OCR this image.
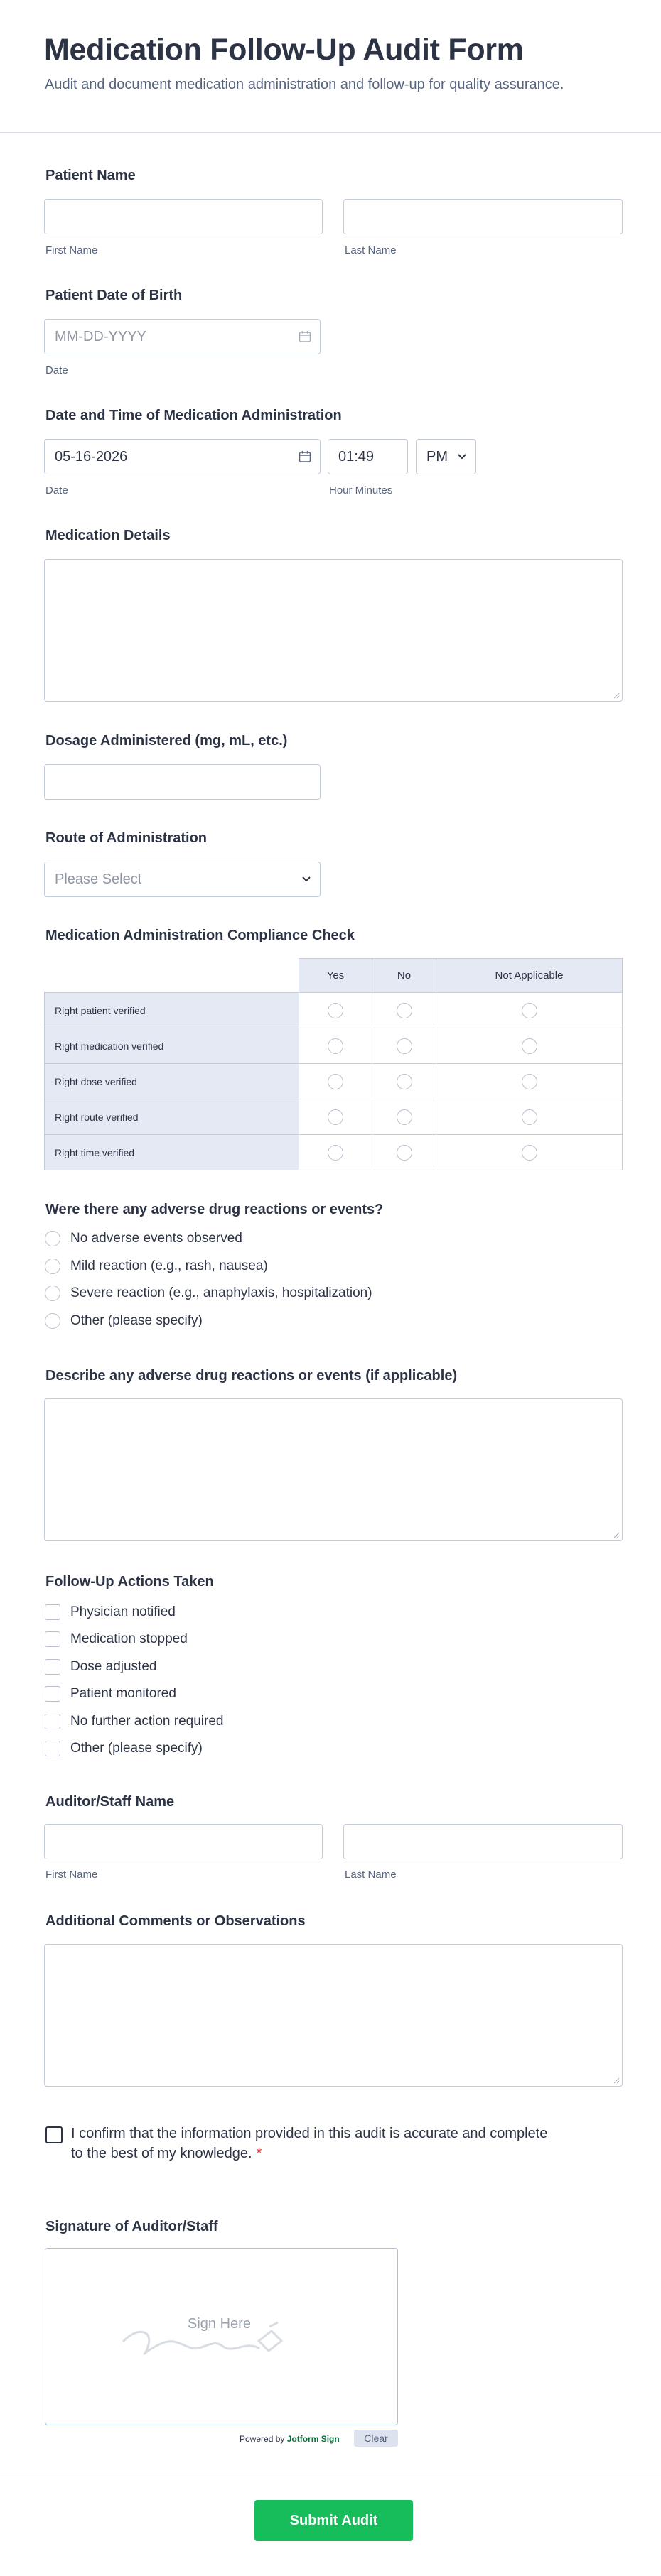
Medication Follow-Up Audit Form
Audit and document medication administration and follow-up for quality assurance.
Patient Name
First Name	Last Name
Patient Date of Birth
MM-DD-YYYY
Date
Date and Time of Medication Administration
05-16-2026	01:49	PM
Date	Hour Minutes
Medication Details
Dosage Administered (mg, mL, etc.)
Route of Administration
Please Select
Medication Administration Compliance Check
	Yes	No	Not Applicable
Right patient verified			
Right medication verified			
Right dose verified			
Right route verified			
Right time verified			
Were there any adverse drug reactions or events?
No adverse events observed
Mild reaction (e.g., rash, nausea)
Severe reaction (e.g., anaphylaxis, hospitalization)
Other (please specify)
Describe any adverse drug reactions or events (if applicable)
Follow-Up Actions Taken
Physician notified
Medication stopped
Dose adjusted
Patient monitored
No further action required
Other (please specify)
Auditor/Staff Name
First Name	Last Name
Additional Comments or Observations
I confirm that the information provided in this audit is accurate and complete to the best of my knowledge. *
Signature of Auditor/Staff
Sign Here
Powered by Jotform Sign	Clear
Submit Audit
